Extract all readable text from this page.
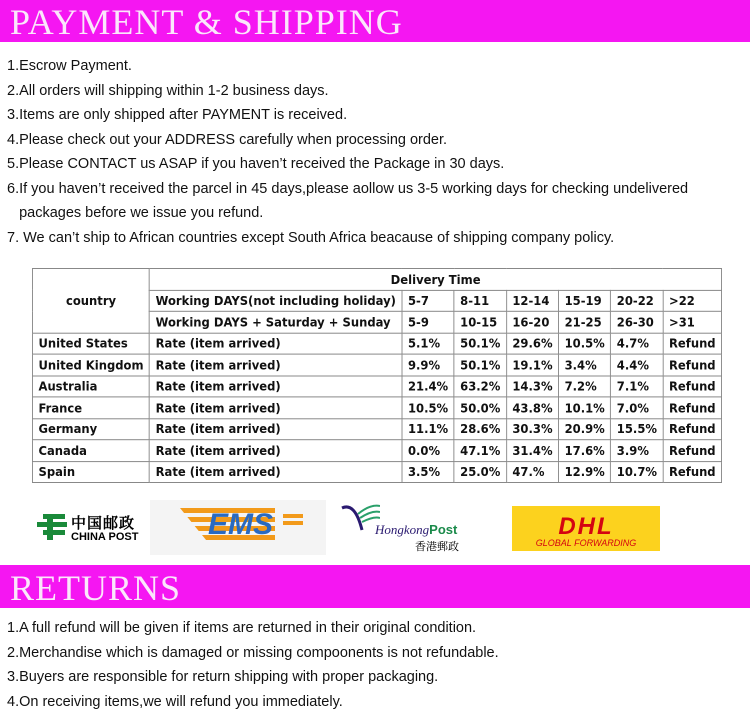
PAYMENT & SHIPPING
1.Escrow Payment.
2.All orders will shipping within 1-2 business days.
3.Items are only shipped after PAYMENT is received.
4.Please check out your ADDRESS carefully when processing order.
5.Please CONTACT us ASAP if you haven’t received the Package in 30 days.
6.If you haven’t received the parcel in 45 days,please aollow us 3-5 working days for checking undelivered
packages before we issue you refund.
7. We can’t ship to African countries except South Africa beacause of shipping company policy.
country	Delivery Time						
	Working DAYS(not including holiday)	5-7	8-11	12-14	15-19	20-22	>22
	Working DAYS + Saturday + Sunday	5-9	10-15	16-20	21-25	26-30	>31
United States	Rate (item arrived)	5.1%	50.1%	29.6%	10.5%	4.7%	Refund
United Kingdom	Rate (item arrived)	9.9%	50.1%	19.1%	3.4%	4.4%	Refund
Australia	Rate (item arrived)	21.4%	63.2%	14.3%	7.2%	7.1%	Refund
France	Rate (item arrived)	10.5%	50.0%	43.8%	10.1%	7.0%	Refund
Germany	Rate (item arrived)	11.1%	28.6%	30.3%	20.9%	15.5%	Refund
Canada	Rate (item arrived)	0.0%	47.1%	31.4%	17.6%	3.9%	Refund
Spain	Rate (item arrived)	3.5%	25.0%	47.%	12.9%	10.7%	Refund
EMS
中国邮政
CHINA POST	HongkongPost
香港郵政
DHL
GLOBAL FORWARDING
RETURNS
1.A full refund will be given if items are returned in their original condition.
2.Merchandise which is damaged or missing compoonents is not refundable.
3.Buyers are responsible for return shipping with proper packaging.
4.On receiving items,we will refund you immediately.
